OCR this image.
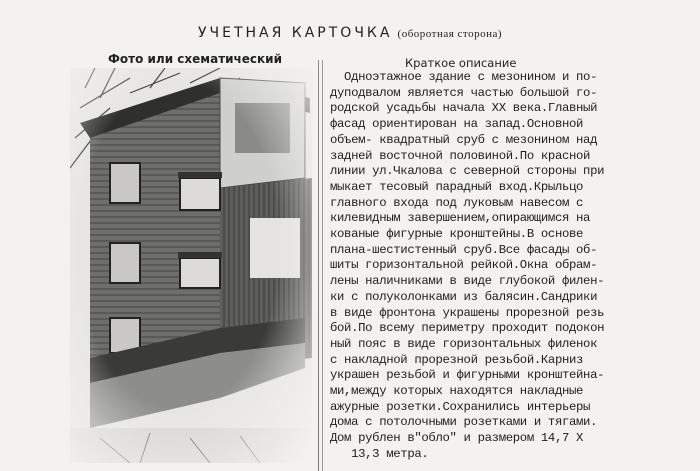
УЧЕТНАЯ КАРТОЧКА (оборотная сторона)
Фото или схематический	Краткое описание
Одноэтажное здание с мезонином и по-
дуподвалом является частью большой го-
родской усадьбы начала XX века.Главный
фасад ориентирован на запад.Основной
объем- квадратный сруб с мезонином над
задней восточной половиной.По красной
линии ул.Чкалова с северной стороны при
мыкает тесовый парадный вход.Крыльцо
главного входа под луковым навесом с
килевидным завершением,опирающимся на
кованые фигурные кронштейны.В основе
плана-шестистенный сруб.Все фасады об-
шиты горизонтальной рейкой.Окна обрам-
лены наличниками в виде глубокой филен-
ки с полуколонками из балясин.Сандрики
в виде фронтона украшены прорезной резь
бой.По всему периметру проходит подокон
ный пояс в виде горизонтальных филенок
с накладной прорезной резьбой.Карниз
украшен резьбой и фигурными кронштейна-
ми,между которых находятся накладные
ажурные розетки.Сохранились интерьеры
дома с потолочными розетками и тягами.
Дом рублен в"обло" и размером 14,7 Х
13,3 метра.
